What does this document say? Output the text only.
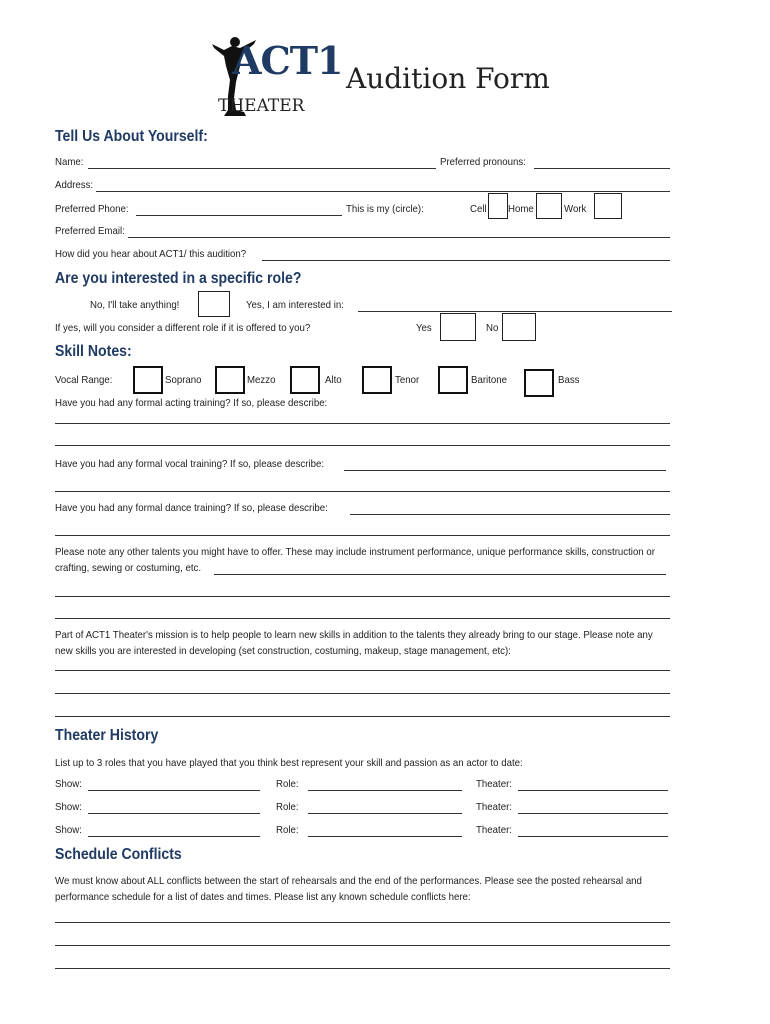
ACT1
THEATER
Audition Form
Tell Us About Yourself:
Name:	Preferred pronouns:
Address:
Preferred Phone:	This is my (circle):	Cell Home	Work
Preferred Email:
How did you hear about ACT1/ this audition?
Are you interested in a specific role?
No, I'll take anything!	Yes, I am interested in:
If yes, will you consider a different role if it is offered to you?	Yes	No
Skill Notes:
Vocal Range:	Soprano	Mezzo	Alto	Tenor	Baritone	Bass
Have you had any formal acting training? If so, please describe:
Have you had any formal vocal training? If so, please describe:
Have you had any formal dance training? If so, please describe:
Please note any other talents you might have to offer. These may include instrument performance, unique performance skills, construction or
crafting, sewing or costuming, etc.
Part of ACT1 Theater's mission is to help people to learn new skills in addition to the talents they already bring to our stage. Please note any
new skills you are interested in developing (set construction, costuming, makeup, stage management, etc):
Theater History
List up to 3 roles that you have played that you think best represent your skill and passion as an actor to date:
Show:	Role:	Theater:
Show:	Role:	Theater:
Show:	Role:	Theater:
Schedule Conflicts
We must know about ALL conflicts between the start of rehearsals and the end of the performances. Please see the posted rehearsal and
performance schedule for a list of dates and times. Please list any known schedule conflicts here:
